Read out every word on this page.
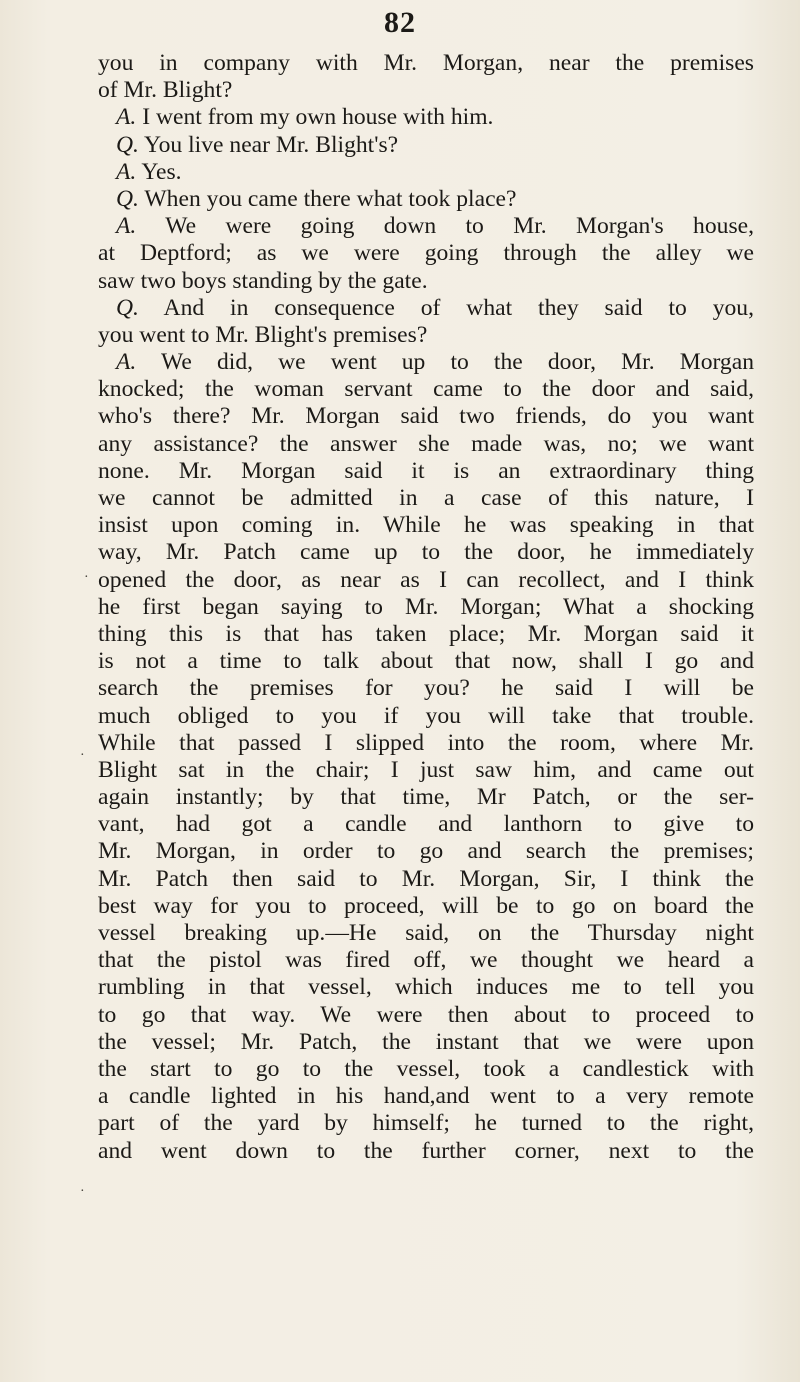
82
you in company with Mr. Morgan, near the premises
of Mr. Blight?
A. I went from my own house with him.
Q. You live near Mr. Blight's?
A. Yes.
Q. When you came there what took place?
A. We were going down to Mr. Morgan's house,
at Deptford; as we were going through the alley we
saw two boys standing by the gate.
Q. And in consequence of what they said to you,
you went to Mr. Blight's premises?
A. We did, we went up to the door, Mr. Morgan
knocked; the woman servant came to the door and said,
who's there? Mr. Morgan said two friends, do you want
any assistance? the answer she made was, no; we want
none. Mr. Morgan said it is an extraordinary thing
we cannot be admitted in a case of this nature, I
insist upon coming in. While he was speaking in that
way, Mr. Patch came up to the door, he immediately
opened the door, as near as I can recollect, and I think
he first began saying to Mr. Morgan; What a shocking
thing this is that has taken place; Mr. Morgan said it
is not a time to talk about that now, shall I go and
search the premises for you? he said I will be
much obliged to you if you will take that trouble.
While that passed I slipped into the room, where Mr.
Blight sat in the chair; I just saw him, and came out
again instantly; by that time, Mr Patch, or the ser-
vant, had got a candle and lanthorn to give to
Mr. Morgan, in order to go and search the premises;
Mr. Patch then said to Mr. Morgan, Sir, I think the
best way for you to proceed, will be to go on board the
vessel breaking up.—He said, on the Thursday night
that the pistol was fired off, we thought we heard a
rumbling in that vessel, which induces me to tell you
to go that way. We were then about to proceed to
the vessel; Mr. Patch, the instant that we were upon
the start to go to the vessel, took a candlestick with
a candle lighted in his hand,and went to a very remote
part of the yard by himself; he turned to the right,
and went down to the further corner, next to the
·
·
·
